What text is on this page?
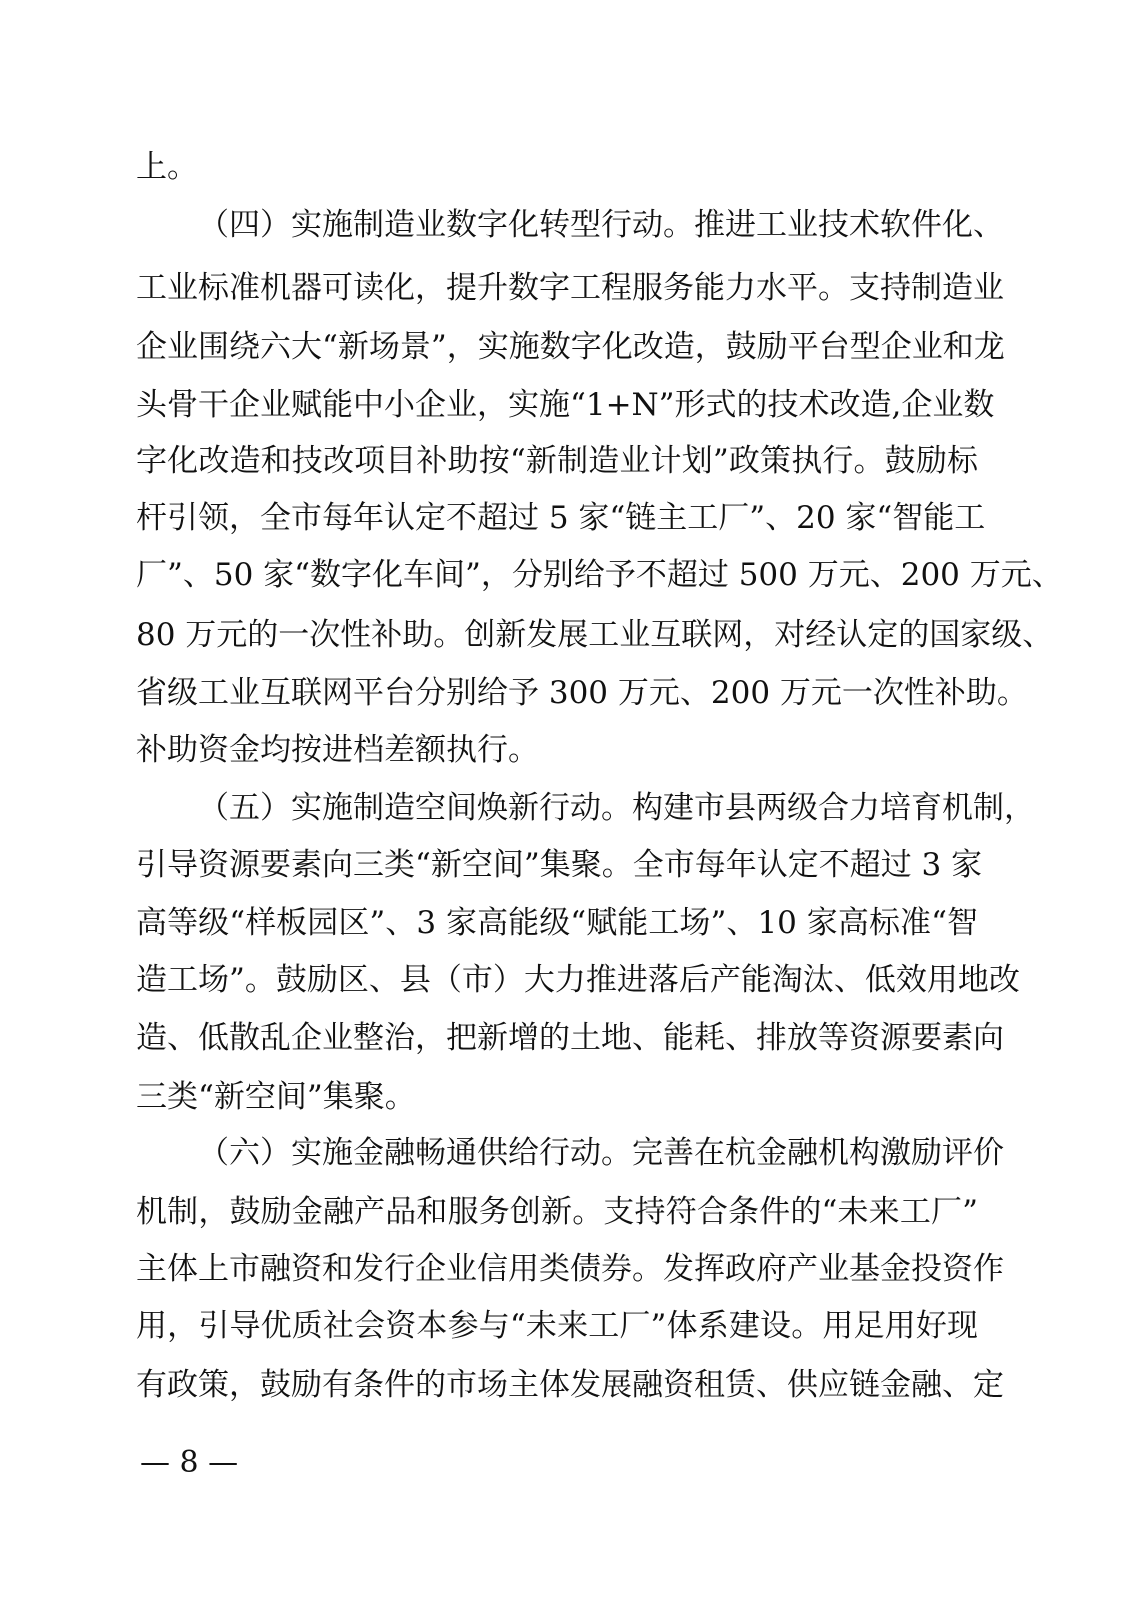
上。
（四）实施制造业数字化转型行动。推进工业技术软件化、
工业标准机器可读化，提升数字工程服务能力水平。支持制造业
企业围绕六大“新场景”，实施数字化改造，鼓励平台型企业和龙
头骨干企业赋能中小企业，实施“1+N”形式的技术改造,企业数
字化改造和技改项目补助按“新制造业计划”政策执行。鼓励标
杆引领，全市每年认定不超过 5 家“链主工厂”、20 家“智能工
厂”、50 家“数字化车间”，分别给予不超过 500 万元、200 万元、
80 万元的一次性补助。创新发展工业互联网，对经认定的国家级、
省级工业互联网平台分别给予 300 万元、200 万元一次性补助。
补助资金均按进档差额执行。
（五）实施制造空间焕新行动。构建市县两级合力培育机制，
引导资源要素向三类“新空间”集聚。全市每年认定不超过 3 家
高等级“样板园区”、3 家高能级“赋能工场”、10 家高标准“智
造工场”。鼓励区、县（市）大力推进落后产能淘汰、低效用地改
造、低散乱企业整治，把新增的土地、能耗、排放等资源要素向
三类“新空间”集聚。
（六）实施金融畅通供给行动。完善在杭金融机构激励评价
机制，鼓励金融产品和服务创新。支持符合条件的“未来工厂”
主体上市融资和发行企业信用类债券。发挥政府产业基金投资作
用，引导优质社会资本参与“未来工厂”体系建设。用足用好现
有政策，鼓励有条件的市场主体发展融资租赁、供应链金融、定
— 8 —
